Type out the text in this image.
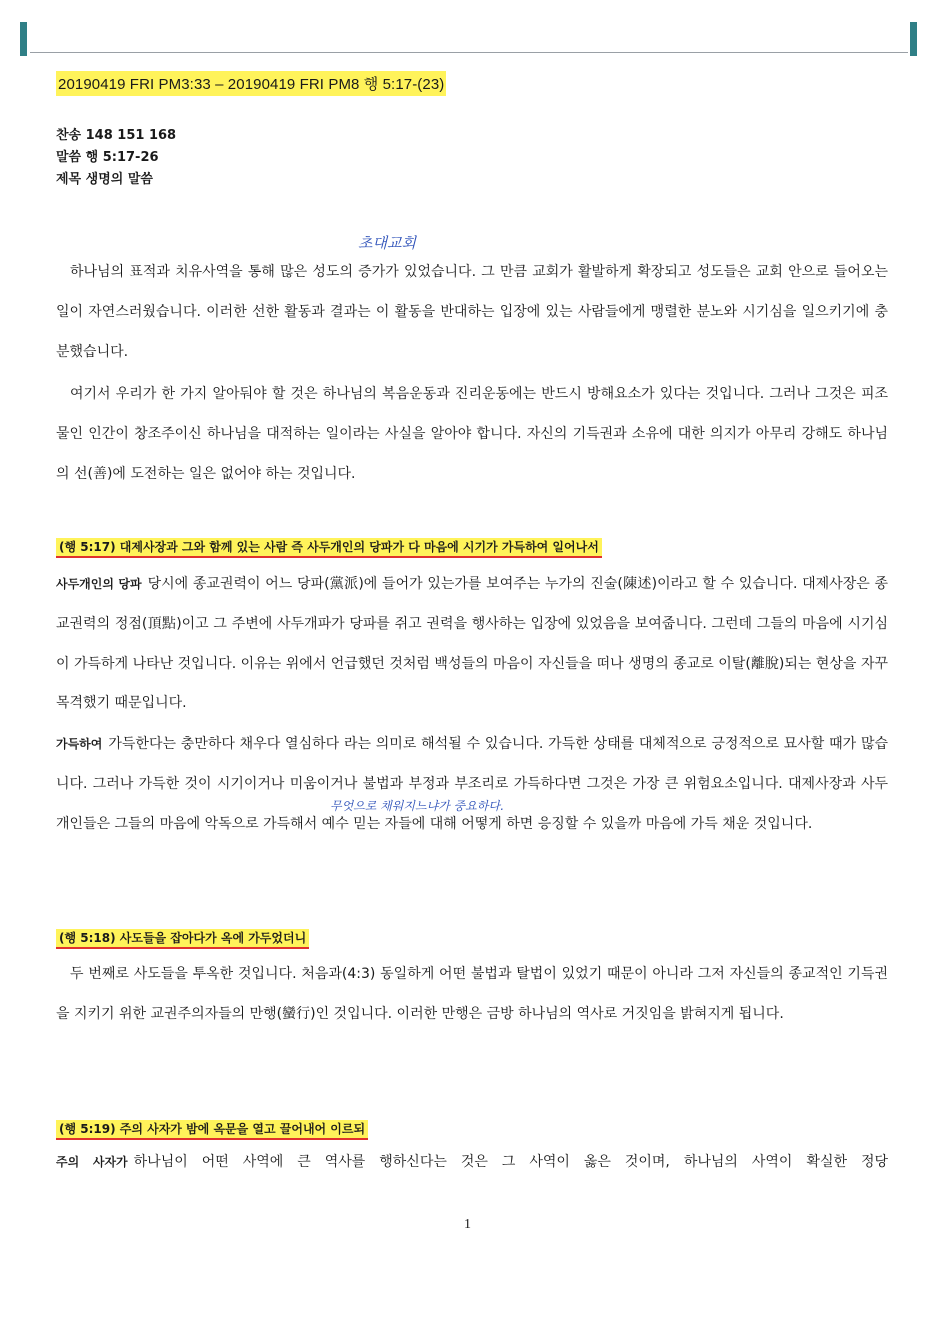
20190419 FRI PM3:33 – 20190419 FRI PM8 행 5:17-(23)
찬송 148 151 168
말씀 행 5:17-26
제목 생명의 말씀
초대교회

하나님의 표적과 치유사역을 통해 많은 성도의 증가가 있었습니다. 그 만큼 교회가 활발하게 확장되고 성도들은 교회 안으로 들어오는 일이 자연스러웠습니다. 이러한 선한 활동과 결과는 이 활동을 반대하는 입장에 있는 사람들에게 맹렬한 분노와 시기심을 일으키기에 충분했습니다.

여기서 우리가 한 가지 알아둬야 할 것은 하나님의 복음운동과 진리운동에는 반드시 방해요소가 있다는 것입니다. 그러나 그것은 피조물인 인간이 창조주이신 하나님을 대적하는 일이라는 사실을 알아야 합니다. 자신의 기득권과 소유에 대한 의지가 아무리 강해도 하나님의 선(善)에 도전하는 일은 없어야 하는 것입니다.

(행 5:17) 대제사장과 그와 함께 있는 사람 즉 사두개인의 당파가 다 마음에 시기가 가득하여 일어나서

사두개인의 당파 당시에 종교권력이 어느 당파(黨派)에 들어가 있는가를 보여주는 누가의 진술(陳述)이라고 할 수 있습니다. 대제사장은 종교권력의 정점(頂點)이고 그 주변에 사두개파가 당파를 쥐고 권력을 행사하는 입장에 있었음을 보여줍니다. 그런데 그들의 마음에 시기심이 가득하게 나타난 것입니다. 이유는 위에서 언급했던 것처럼 백성들의 마음이 자신들을 떠나 생명의 종교로 이탈(離脫)되는 현상을 자꾸 목격했기 때문입니다.

가득하여 가득한다는 충만하다 채우다 열심하다 라는 의미로 해석될 수 있습니다. 가득한 상태를 대체적으로 긍정적으로 묘사할 때가 많습니다. 그러나 가득한 것이 시기이거나 미움이거나 불법과 부정과 부조리로 가득하다면 그것은 가장 큰 위험요소입니다. 대제사장과 사두개인들은 그들의 마음에 악독으로 가득해서 예수 믿는 자들에 대해 어떻게 하면 응징할 수 있을까 마음에 가득 채운 것입니다.

무엇으로 채워지느냐가 중요하다.
(행 5:18) 사도들을 잡아다가 옥에 가두었더니

두 번째로 사도들을 투옥한 것입니다. 처음과(4:3) 동일하게 어떤 불법과 탈법이 있었기 때문이 아니라 그저 자신들의 종교적인 기득권을 지키기 위한 교권주의자들의 만행(蠻行)인 것입니다. 이러한 만행은 금방 하나님의 역사로 거짓임을 밝혀지게 됩니다.

(행 5:19) 주의 사자가 밤에 옥문을 열고 끌어내어 이르되

주의 사자가 하나님이 어떤 사역에 큰 역사를 행하신다는 것은 그 사역이 옳은 것이며, 하나님의 사역이 확실한 정당

1
